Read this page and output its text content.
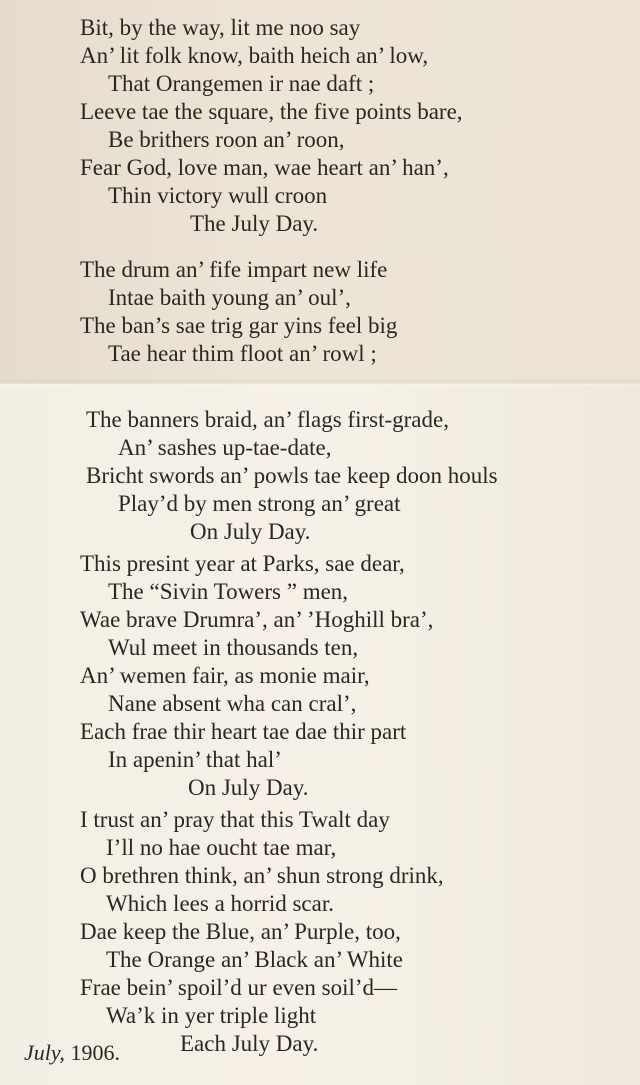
Bit, by the way, lit me noo say
An’ lit folk know, baith heich an’ low,
That Orangemen ir nae daft ;
Leeve tae the square, the five points bare,
Be brithers roon an’ roon,
Fear God, love man, wae heart an’ han’,
Thin victory wull croon
The July Day.
The drum an’ fife impart new life
Intae baith young an’ oul’,
The ban’s sae trig gar yins feel big
Tae hear thim floot an’ rowl ;
The banners braid, an’ flags first-grade,
An’ sashes up-tae-date,
Bricht swords an’ powls tae keep doon houls
Play’d by men strong an’ great
On July Day.
This presint year at Parks, sae dear,
The “Sivin Towers ” men,
Wae brave Drumra’, an’ ’Hoghill bra’,
Wul meet in thousands ten,
An’ wemen fair, as monie mair,
Nane absent wha can cral’,
Each frae thir heart tae dae thir part
In apenin’ that hal’
On July Day.
I trust an’ pray that this Twalt day
I’ll no hae oucht tae mar,
O brethren think, an’ shun strong drink,
Which lees a horrid scar.
Dae keep the Blue, an’ Purple, too,
The Orange an’ Black an’ White
Frae bein’ spoil’d ur even soil’d—
Wa’k in yer triple light
Each July Day.
July, 1906.
